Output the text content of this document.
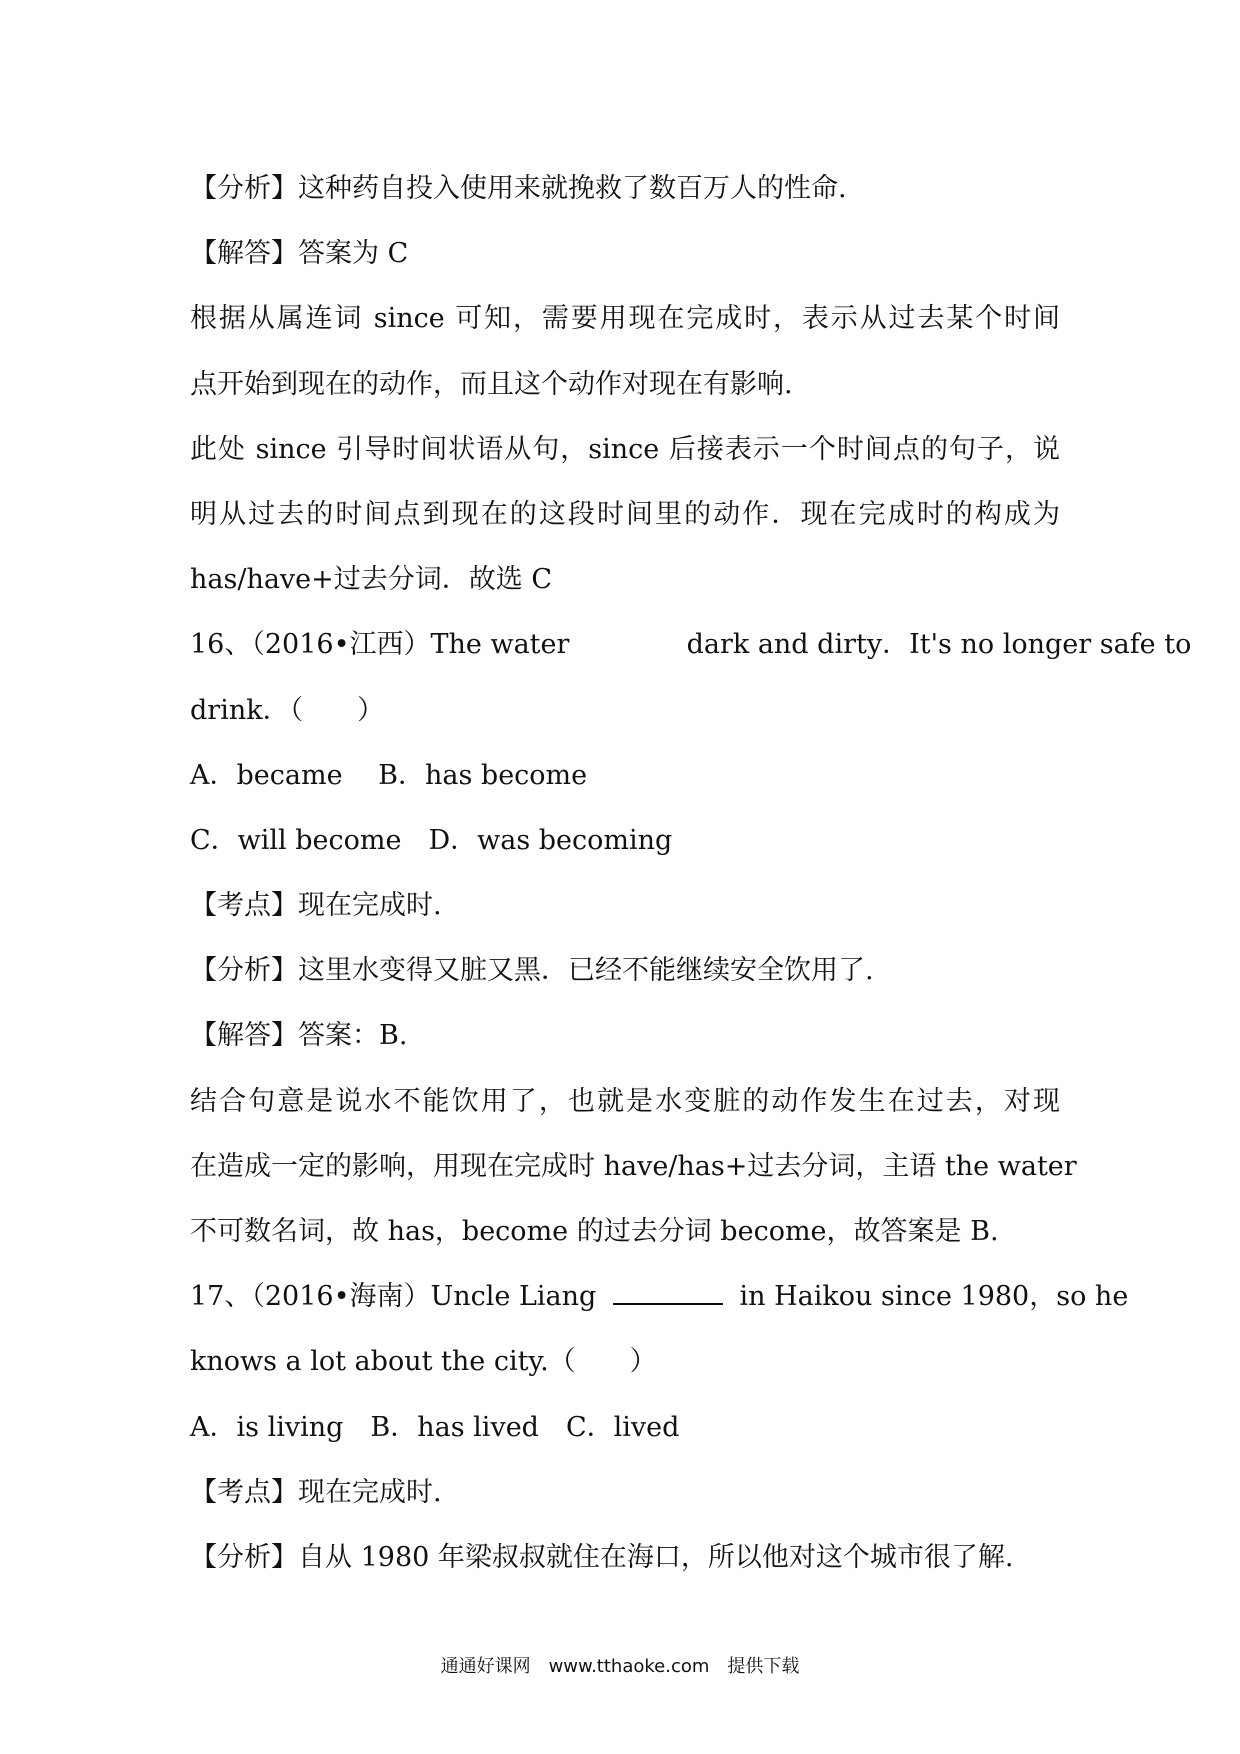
【分析】这种药自投入使用来就挽救了数百万人的性命.
【解答】答案为 C
根据从属连词 since 可知，需要用现在完成时，表示从过去某个时间
点开始到现在的动作，而且这个动作对现在有影响.
此处 since 引导时间状语从句，since 后接表示一个时间点的句子，说
明从过去的时间点到现在的这段时间里的动作．现在完成时的构成为
has/have+过去分词．故选 C
16、（2016•江西）The water	dark and dirty．It's no longer safe to
drink．（　　）
A．became　 B．has become
C．will become　D．was becoming
【考点】现在完成时.
【分析】这里水变得又脏又黑．已经不能继续安全饮用了.
【解答】答案：B.
结合句意是说水不能饮用了，也就是水变脏的动作发生在过去，对现
在造成一定的影响，用现在完成时 have/has+过去分词，主语 the water
不可数名词，故 has，become 的过去分词 become，故答案是 B.
17、（2016•海南）Uncle Liang	in Haikou since 1980，so he
knows a lot about the city.（　　）
A．is living　B．has lived　C．lived
【考点】现在完成时.
【分析】自从 1980 年梁叔叔就住在海口，所以他对这个城市很了解.
通通好课网　www.tthaoke.com　提供下载
